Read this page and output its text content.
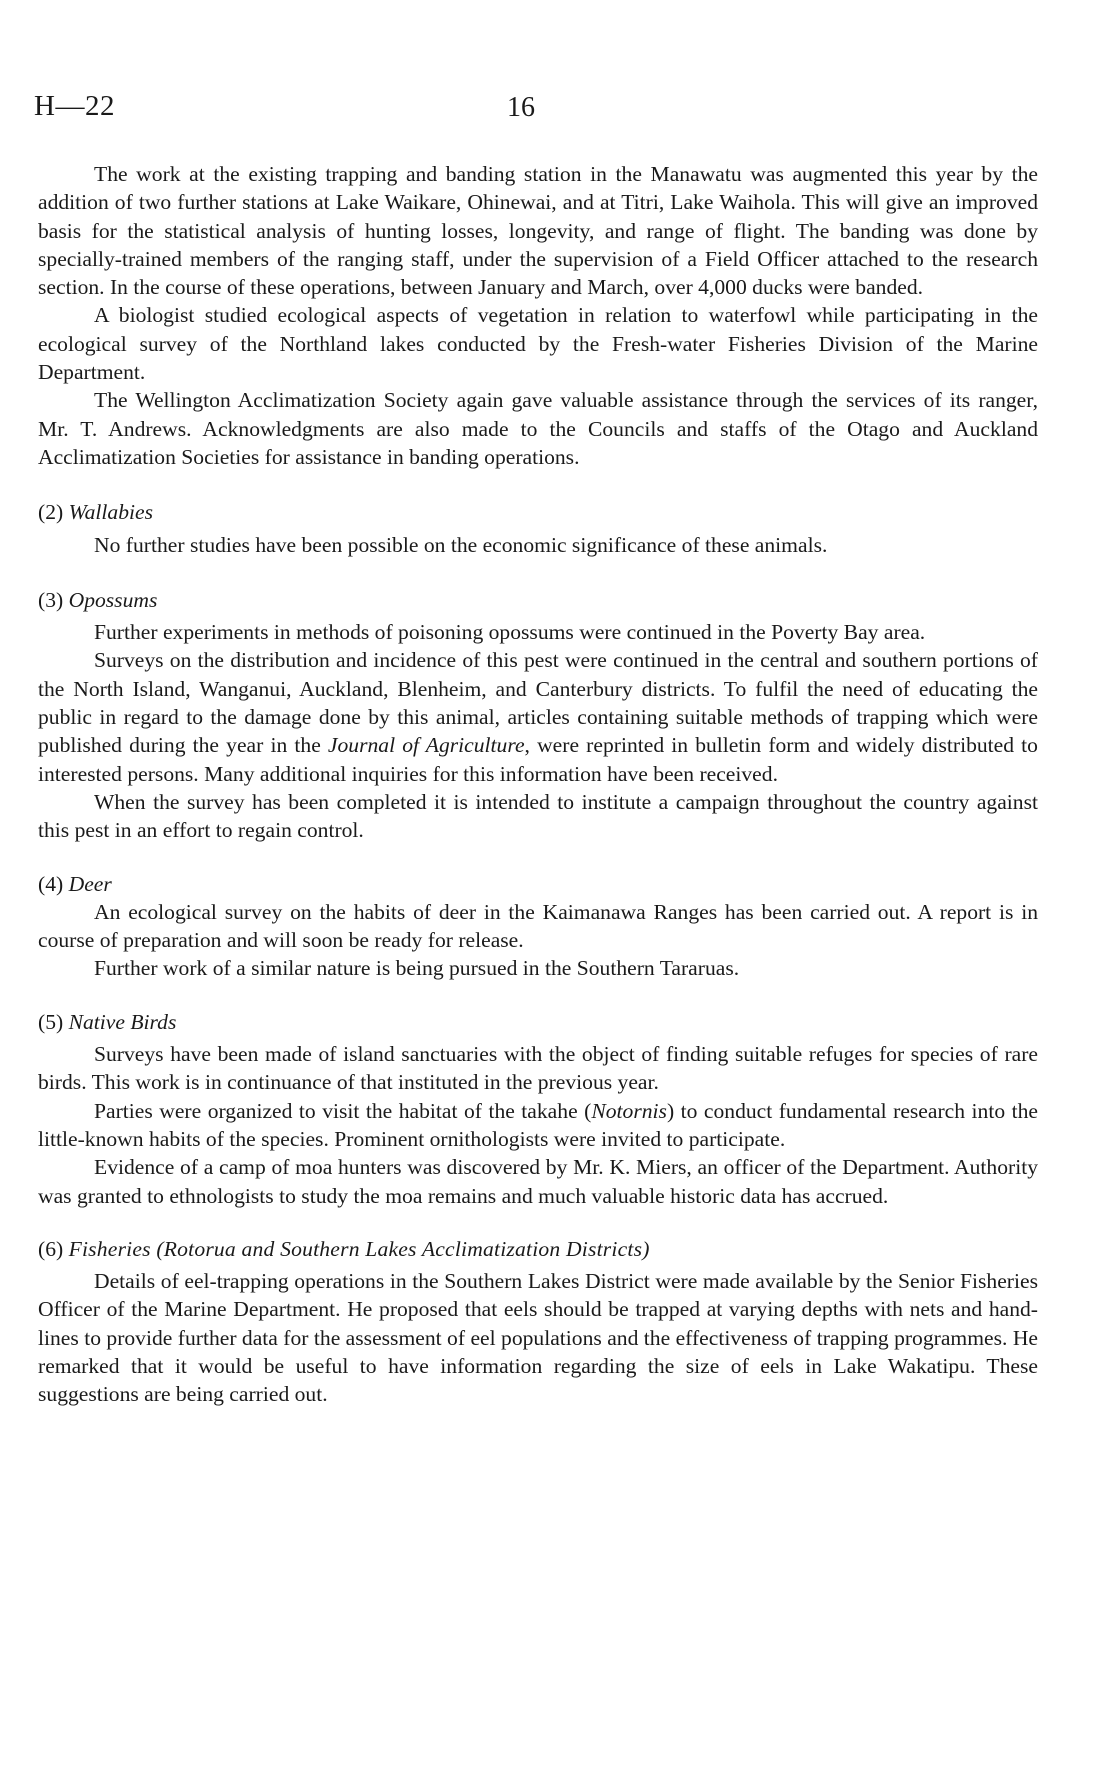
H—22	16

The work at the existing trapping and banding station in the Manawatu was augmented this year by the addition of two further stations at Lake Waikare, Ohinewai, and at Titri, Lake Waihola. This will give an improved basis for the statistical analysis of hunting losses, longevity, and range of flight. The banding was done by specially-trained members of the ranging staff, under the supervision of a Field Officer attached to the research section. In the course of these operations, between January and March, over 4,000 ducks were banded.

A biologist studied ecological aspects of vegetation in relation to waterfowl while participating in the ecological survey of the Northland lakes conducted by the Fresh-water Fisheries Division of the Marine Department.

The Wellington Acclimatization Society again gave valuable assistance through the services of its ranger, Mr. T. Andrews. Acknowledgments are also made to the Councils and staffs of the Otago and Auckland Acclimatization Societies for assistance in banding operations.

(2) Wallabies

No further studies have been possible on the economic significance of these animals.

(3) Opossums

Further experiments in methods of poisoning opossums were continued in the Poverty Bay area.

Surveys on the distribution and incidence of this pest were continued in the central and southern portions of the North Island, Wanganui, Auckland, Blenheim, and Canterbury districts. To fulfil the need of educating the public in regard to the damage done by this animal, articles containing suitable methods of trapping which were published during the year in the Journal of Agriculture, were reprinted in bulletin form and widely distributed to interested persons. Many additional inquiries for this information have been received.

When the survey has been completed it is intended to institute a campaign throughout the country against this pest in an effort to regain control.

(4) Deer

An ecological survey on the habits of deer in the Kaimanawa Ranges has been carried out. A report is in course of preparation and will soon be ready for release.

Further work of a similar nature is being pursued in the Southern Tararuas.

(5) Native Birds

Surveys have been made of island sanctuaries with the object of finding suitable refuges for species of rare birds. This work is in continuance of that instituted in the previous year.

Parties were organized to visit the habitat of the takahe (Notornis) to conduct fundamental research into the little-known habits of the species. Prominent ornithologists were invited to participate.

Evidence of a camp of moa hunters was discovered by Mr. K. Miers, an officer of the Department. Authority was granted to ethnologists to study the moa remains and much valuable historic data has accrued.

(6) Fisheries (Rotorua and Southern Lakes Acclimatization Districts)

Details of eel-trapping operations in the Southern Lakes District were made available by the Senior Fisheries Officer of the Marine Department. He proposed that eels should be trapped at varying depths with nets and hand-lines to provide further data for the assessment of eel populations and the effectiveness of trapping programmes. He remarked that it would be useful to have information regarding the size of eels in Lake Wakatipu. These suggestions are being carried out.
